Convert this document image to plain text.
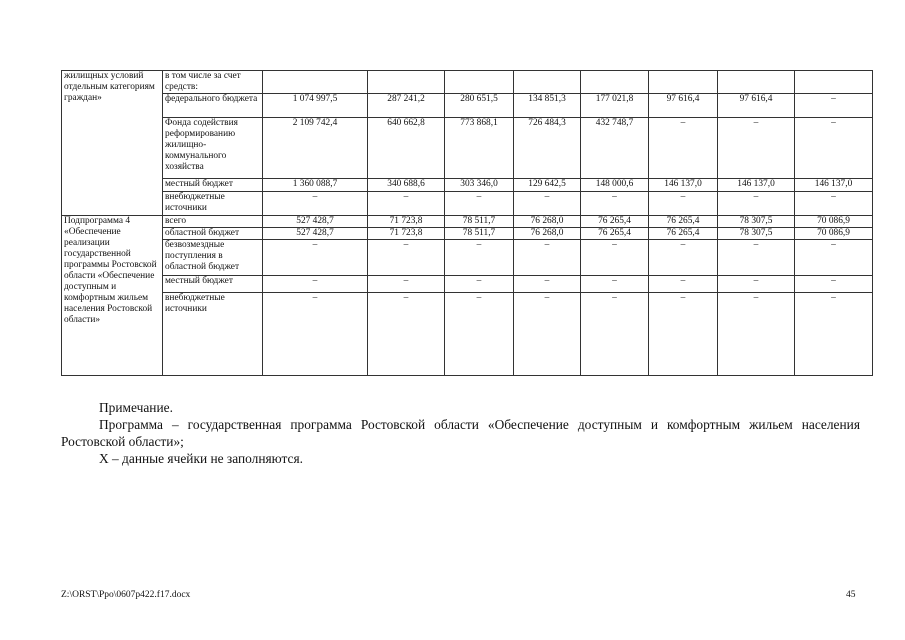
жилищных условий отдельным категориям граждан»	в том числе за счет средств:								
	федерального бюджета	1 074 997,5	287 241,2	280 651,5	134 851,3	177 021,8	97 616,4	97 616,4	–
	Фонда содействия реформированию жилищно-коммунального хозяйства	2 109 742,4	640 662,8	773 868,1	726 484,3	432 748,7	–	–	–
	местный бюджет	1 360 088,7	340 688,6	303 346,0	129 642,5	148 000,6	146 137,0	146 137,0	146 137,0
	внебюджетные источники	–	–	–	–	–	–	–	–
Подпрограмма 4 «Обеспечение реализации государственной программы Ростовской области «Обеспечение доступным и комфортным жильем населения Ростовской области»	всего	527 428,7	71 723,8	78 511,7	76 268,0	76 265,4	76 265,4	78 307,5	70 086,9
	областной бюджет	527 428,7	71 723,8	78 511,7	76 268,0	76 265,4	76 265,4	78 307,5	70 086,9
	безвозмездные поступления в областной бюджет	–	–	–	–	–	–	–	–
	местный бюджет	–	–	–	–	–	–	–	–
	внебюджетные источники	–	–	–	–	–	–	–	–

Примечание.

Программа – государственная программа Ростовской области «Обеспечение доступным и комфортным жильем населения Ростовской области»;

Х – данные ячейки не заполняются.

Z:\ORST\Ppo\0607p422.f17.docx	45
